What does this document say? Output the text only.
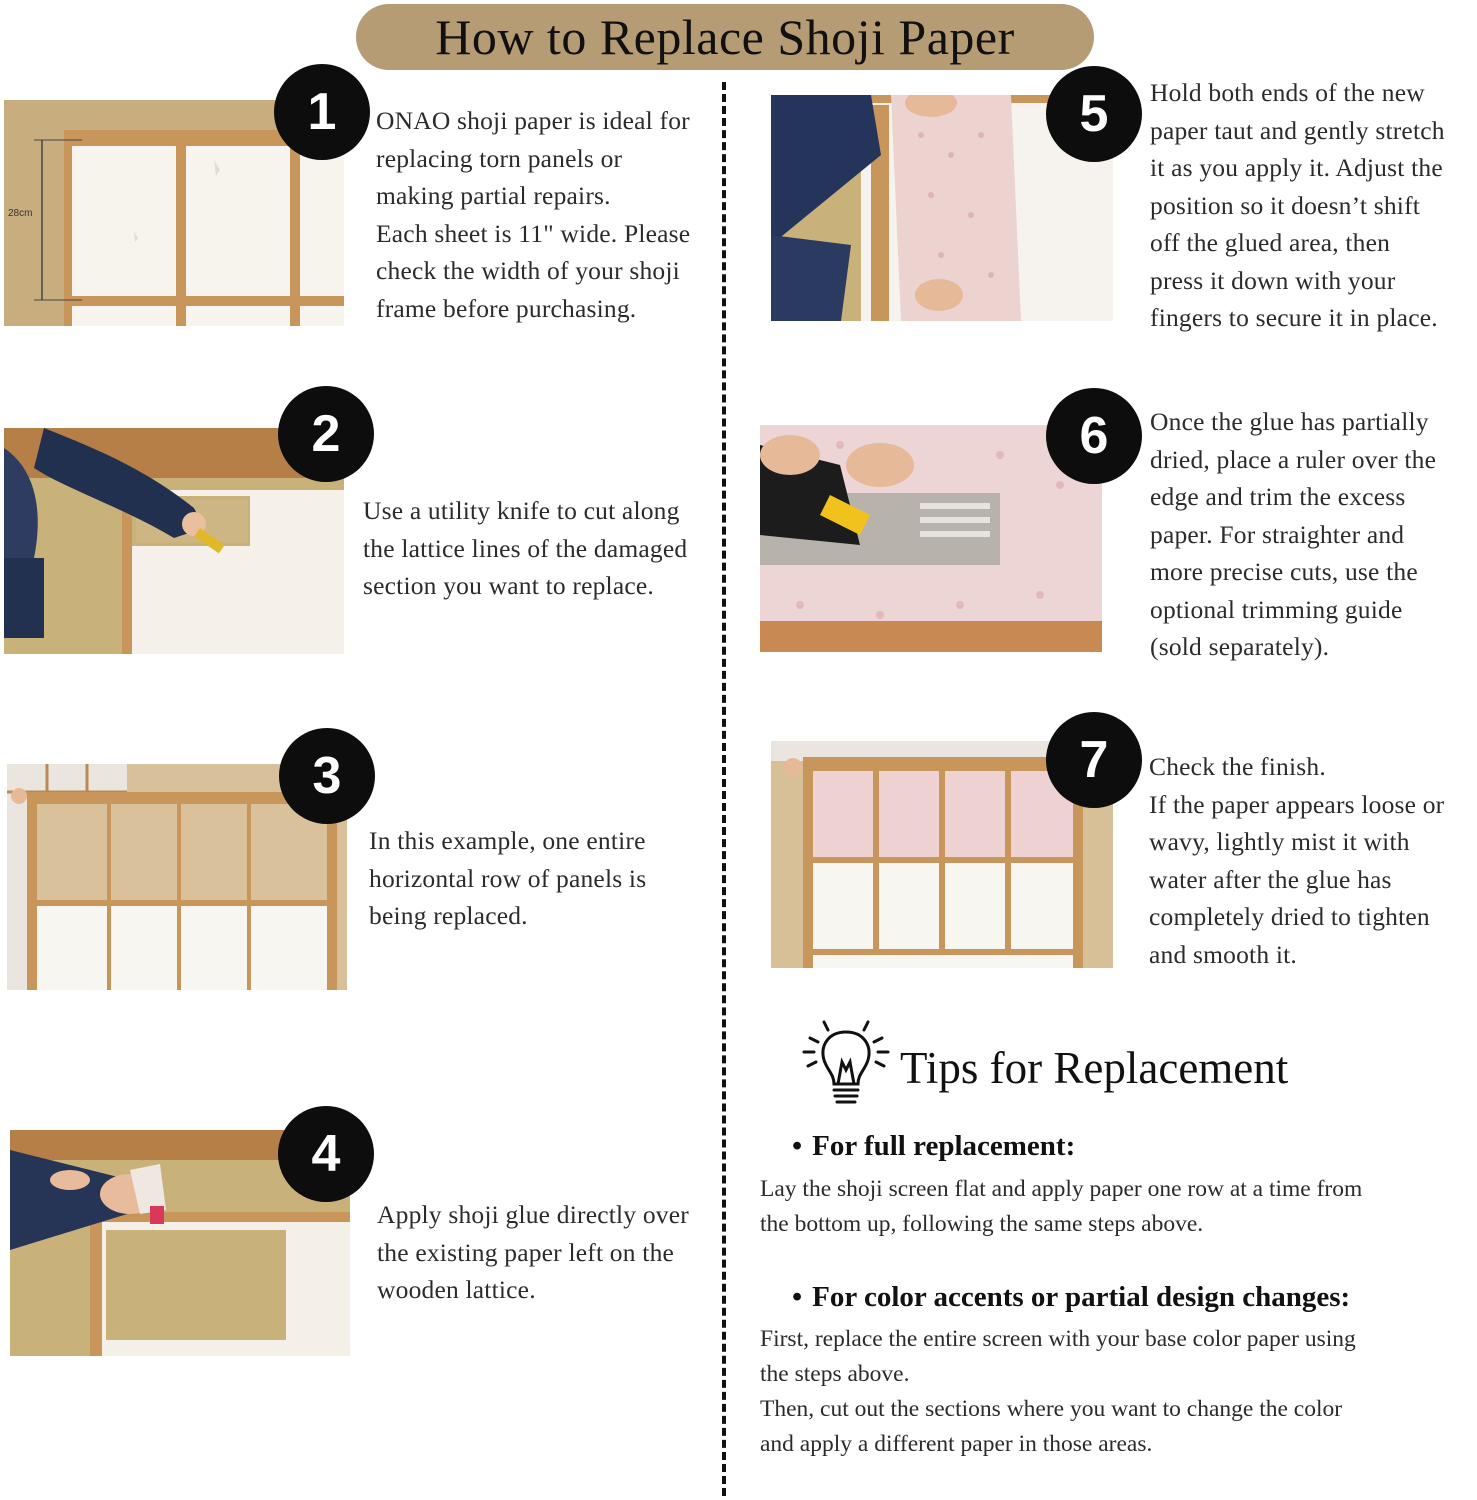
How to Replace Shoji Paper
28cm
1	ONAO shoji paper is ideal for
replacing torn panels or
making partial repairs.
Each sheet is 11" wide. Please
check the width of your shoji
frame before purchasing.
2
Use a utility knife to cut along
the lattice lines of the damaged
section you want to replace.
3
In this example, one entire
horizontal row of panels is
being replaced.
4
Apply shoji glue directly over
the existing paper left on the
wooden lattice.
5	Hold both ends of the new
paper taut and gently stretch
it as you apply it. Adjust the
position so it doesn’t shift
off the glued area, then
press it down with your
fingers to secure it in place.
6	Once the glue has partially
dried, place a ruler over the
edge and trim the excess
paper. For straighter and
more precise cuts, use the
optional trimming guide
(sold separately).
7	Check the finish.
If the paper appears loose or
wavy, lightly mist it with
water after the glue has
completely dried to tighten
and smooth it.
Tips for Replacement
• For full replacement:
Lay the shoji screen flat and apply paper one row at a time from
the bottom up, following the same steps above.
• For color accents or partial design changes:
First, replace the entire screen with your base color paper using
the steps above.
Then, cut out the sections where you want to change the color
and apply a different paper in those areas.
